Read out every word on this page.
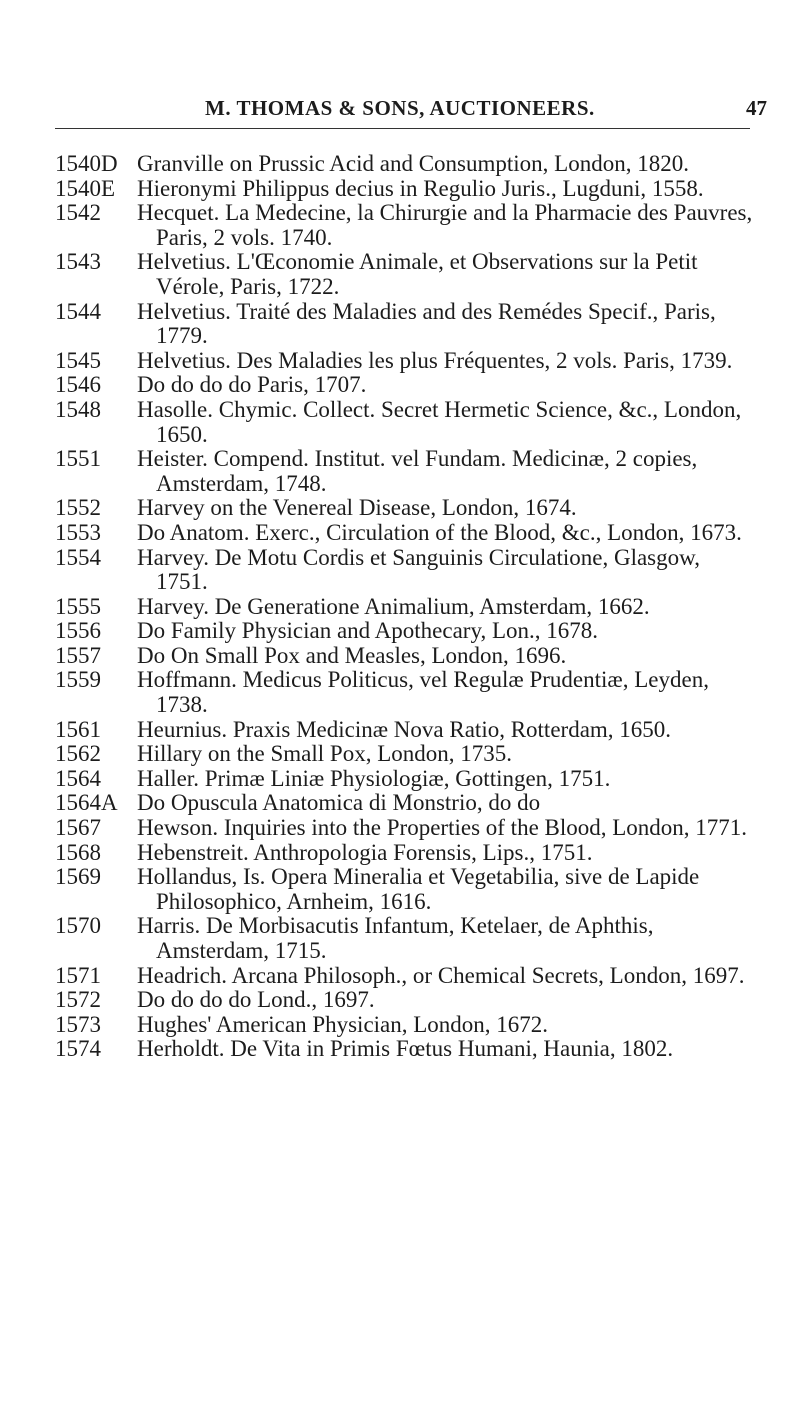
M. THOMAS & SONS, AUCTIONEERS.	47
1540D Granville on Prussic Acid and Consumption, London, 1820.
1540E Hieronymi Philippus decius in Regulio Juris., Lugduni, 1558.
1542 Hecquet. La Medecine, la Chirurgie and la Pharmacie des Pauvres, Paris, 2 vols. 1740.
1543 Helvetius. L'Œconomie Animale, et Observations sur la Petit Vérole, Paris, 1722.
1544 Helvetius. Traité des Maladies and des Remédes Specif., Paris, 1779.
1545 Helvetius. Des Maladies les plus Fréquentes, 2 vols. Paris, 1739.
1546 Do do do do Paris, 1707.
1548 Hasolle. Chymic. Collect. Secret Hermetic Science, &c., London, 1650.
1551 Heister. Compend. Institut. vel Fundam. Medicinæ, 2 copies, Amsterdam, 1748.
1552 Harvey on the Venereal Disease, London, 1674.
1553 Do Anatom. Exerc., Circulation of the Blood, &c., London, 1673.
1554 Harvey. De Motu Cordis et Sanguinis Circulatione, Glasgow, 1751.
1555 Harvey. De Generatione Animalium, Amsterdam, 1662.
1556 Do Family Physician and Apothecary, Lon., 1678.
1557 Do On Small Pox and Measles, London, 1696.
1559 Hoffmann. Medicus Politicus, vel Regulæ Prudentiæ, Leyden, 1738.
1561 Heurnius. Praxis Medicinæ Nova Ratio, Rotterdam, 1650.
1562 Hillary on the Small Pox, London, 1735.
1564 Haller. Primæ Liniæ Physiologiæ, Gottingen, 1751.
1564A Do Opuscula Anatomica di Monstrio, do do
1567 Hewson. Inquiries into the Properties of the Blood, London, 1771.
1568 Hebenstreit. Anthropologia Forensis, Lips., 1751.
1569 Hollandus, Is. Opera Mineralia et Vegetabilia, sive de Lapide Philosophico, Arnheim, 1616.
1570 Harris. De Morbisacutis Infantum, Ketelaer, de Aphthis, Amsterdam, 1715.
1571 Headrich. Arcana Philosoph., or Chemical Secrets, London, 1697.
1572 Do do do do Lond., 1697.
1573 Hughes' American Physician, London, 1672.
1574 Herholdt. De Vita in Primis Fœtus Humani, Haunia, 1802.
